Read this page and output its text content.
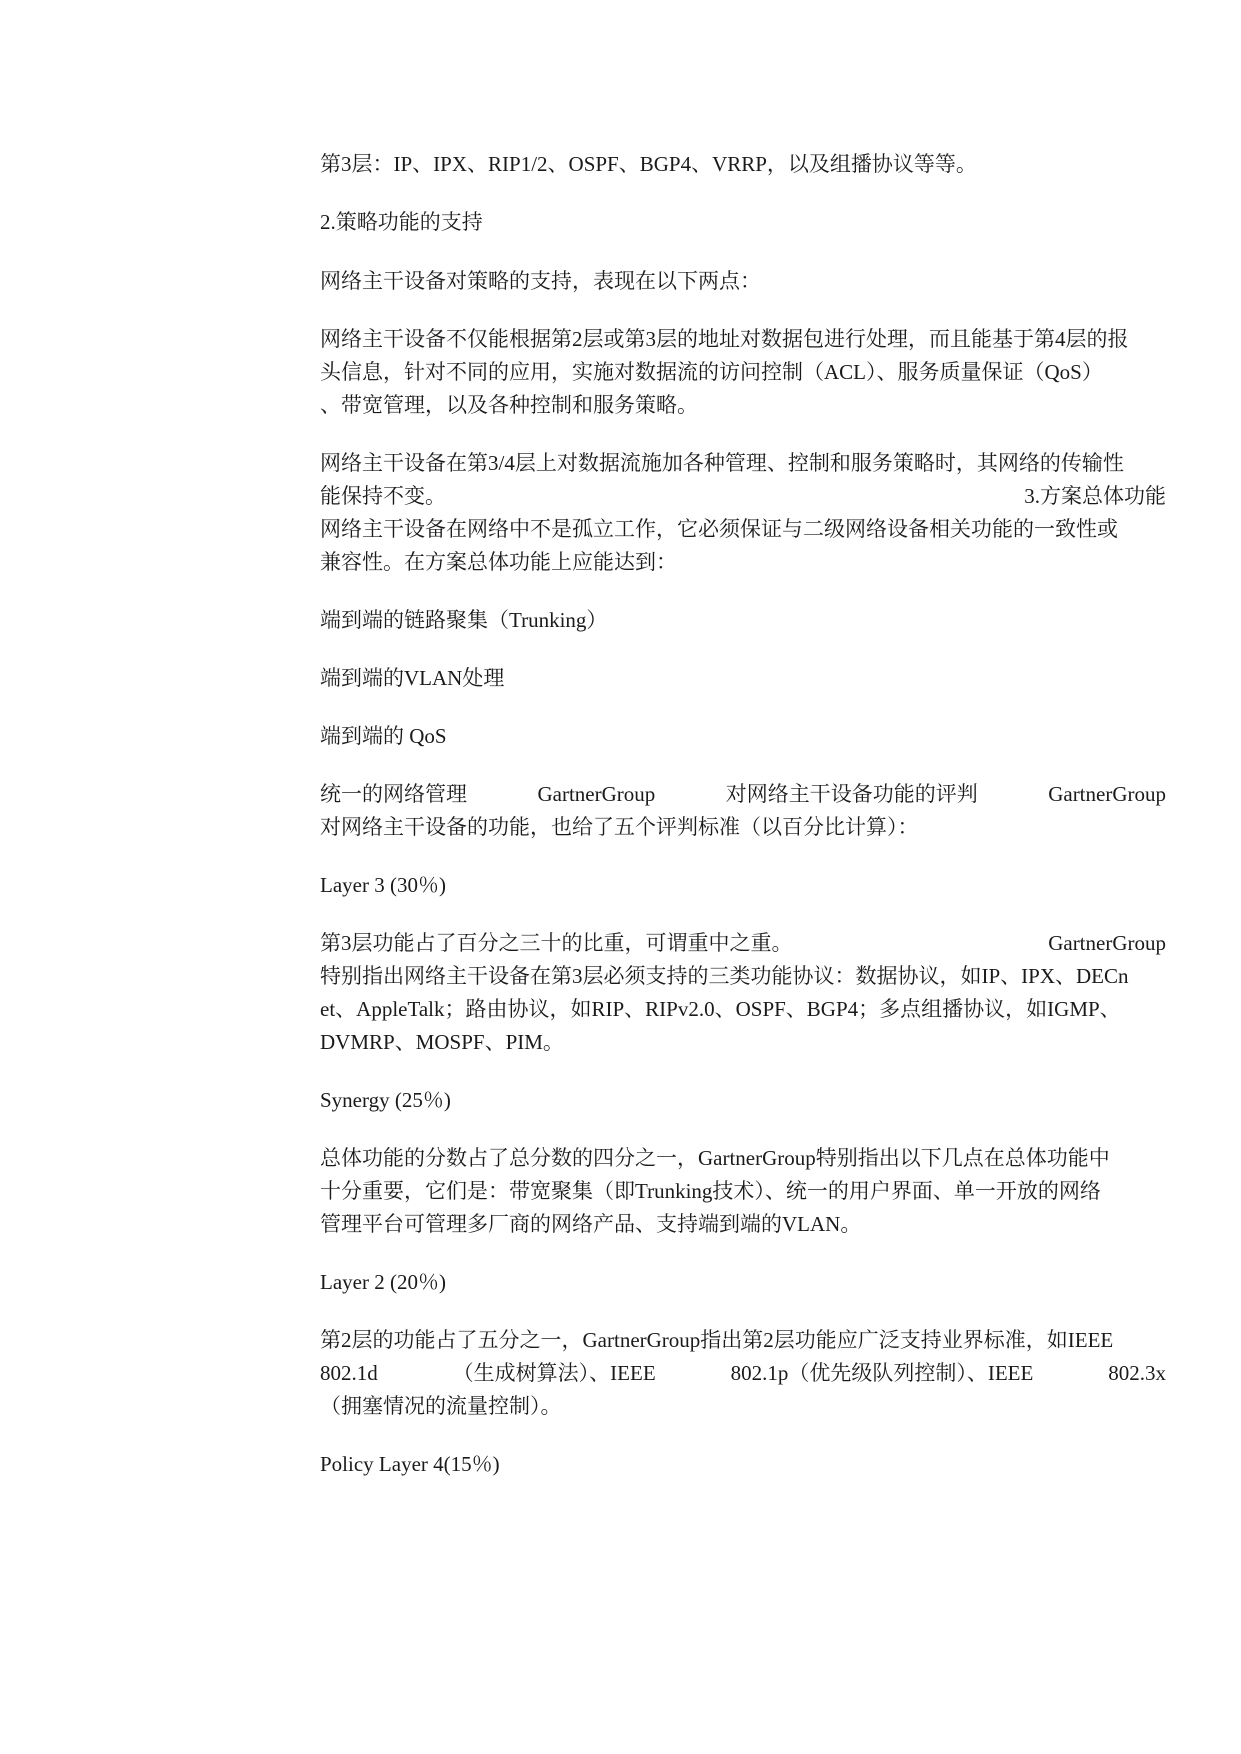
第3层：IP、IPX、RIP1/2、OSPF、BGP4、VRRP，以及组播协议等等。
2.策略功能的支持
网络主干设备对策略的支持，表现在以下两点：
网络主干设备不仅能根据第2层或第3层的地址对数据包进行处理，而且能基于第4层的报
头信息，针对不同的应用，实施对数据流的访问控制（ACL）、服务质量保证（QoS）
、带宽管理，以及各种控制和服务策略。
网络主干设备在第3/4层上对数据流施加各种管理、控制和服务策略时，其网络的传输性
能保持不变。	3.方案总体功能
网络主干设备在网络中不是孤立工作，它必须保证与二级网络设备相关功能的一致性或
兼容性。在方案总体功能上应能达到：
端到端的链路聚集（Trunking）
端到端的VLAN处理
端到端的 QoS
统一的网络管理	GartnerGroup	对网络主干设备功能的评判	GartnerGroup
对网络主干设备的功能，也给了五个评判标准（以百分比计算）：
Layer 3 (30％)
第3层功能占了百分之三十的比重，可谓重中之重。	GartnerGroup
特别指出网络主干设备在第3层必须支持的三类功能协议：数据协议，如IP、IPX、DECn
et、AppleTalk；路由协议，如RIP、RIPv2.0、OSPF、BGP4；多点组播协议，如IGMP、
DVMRP、MOSPF、PIM。
Synergy (25％)
总体功能的分数占了总分数的四分之一，GartnerGroup特别指出以下几点在总体功能中
十分重要，它们是：带宽聚集（即Trunking技术）、统一的用户界面、单一开放的网络
管理平台可管理多厂商的网络产品、支持端到端的VLAN。
Layer 2 (20％)
第2层的功能占了五分之一，GartnerGroup指出第2层功能应广泛支持业界标准，如IEEE
802.1d	（生成树算法）、IEEE	802.1p（优先级队列控制）、IEEE	802.3x
（拥塞情况的流量控制）。
Policy Layer 4(15％)
